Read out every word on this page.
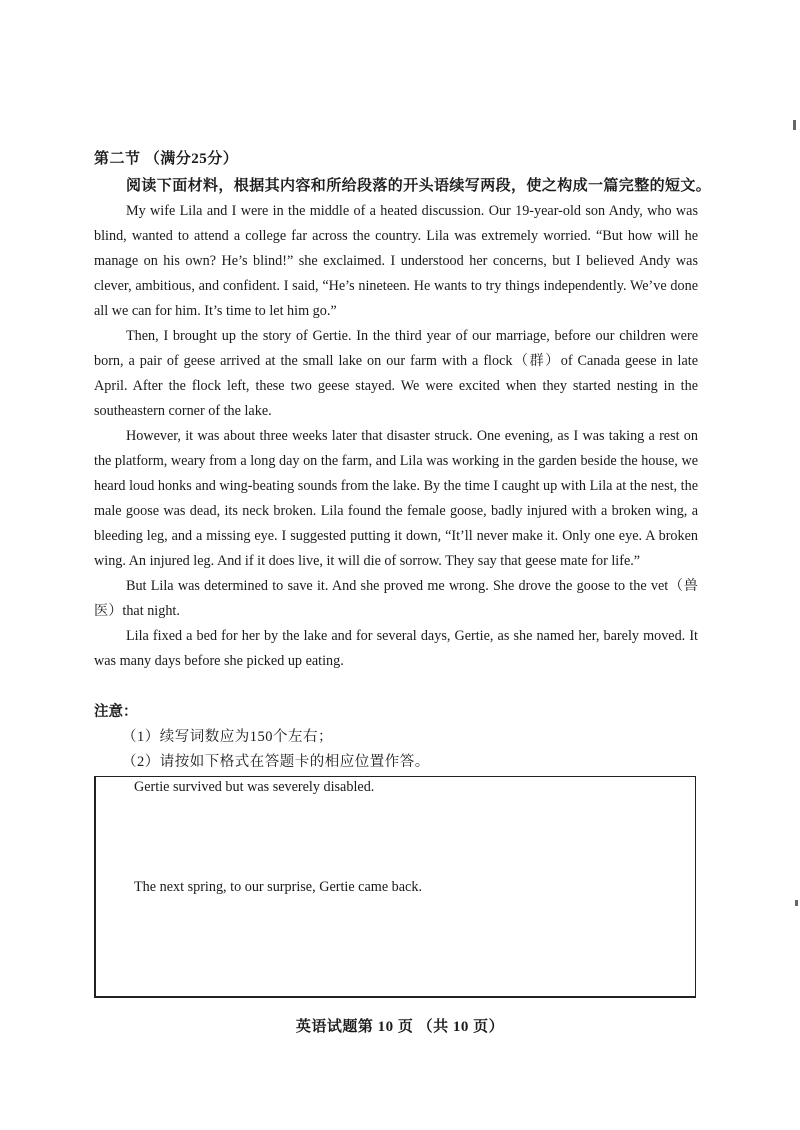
第二节 （满分25分）
阅读下面材料，根据其内容和所给段落的开头语续写两段，使之构成一篇完整的短文。

My wife Lila and I were in the middle of a heated discussion. Our 19-year-old son Andy, who was blind, wanted to attend a college far across the country. Lila was extremely worried. “But how will he manage on his own? He’s blind!” she exclaimed. I understood her concerns, but I believed Andy was clever, ambitious, and confident. I said, “He’s nineteen. He wants to try things independently. We’ve done all we can for him. It’s time to let him go.”

Then, I brought up the story of Gertie. In the third year of our marriage, before our children were born, a pair of geese arrived at the small lake on our farm with a flock（群）of Canada geese in late April. After the flock left, these two geese stayed. We were excited when they started nesting in the southeastern corner of the lake.

However, it was about three weeks later that disaster struck. One evening, as I was taking a rest on the platform, weary from a long day on the farm, and Lila was working in the garden beside the house, we heard loud honks and wing-beating sounds from the lake. By the time I caught up with Lila at the nest, the male goose was dead, its neck broken. Lila found the female goose, badly injured with a broken wing, a bleeding leg, and a missing eye. I suggested putting it down, “It’ll never make it. Only one eye. A broken wing. An injured leg. And if it does live, it will die of sorrow. They say that geese mate for life.”

But Lila was determined to save it. And she proved me wrong. She drove the goose to the vet（兽医）that night.

Lila fixed a bed for her by the lake and for several days, Gertie, as she named her, barely moved. It was many days before she picked up eating.

注意：
（1）续写词数应为150个左右；
（2）请按如下格式在答题卡的相应位置作答。
Gertie survived but was severely disabled.
The next spring, to our surprise, Gertie came back.
英语试题第 10 页 （共 10 页）
